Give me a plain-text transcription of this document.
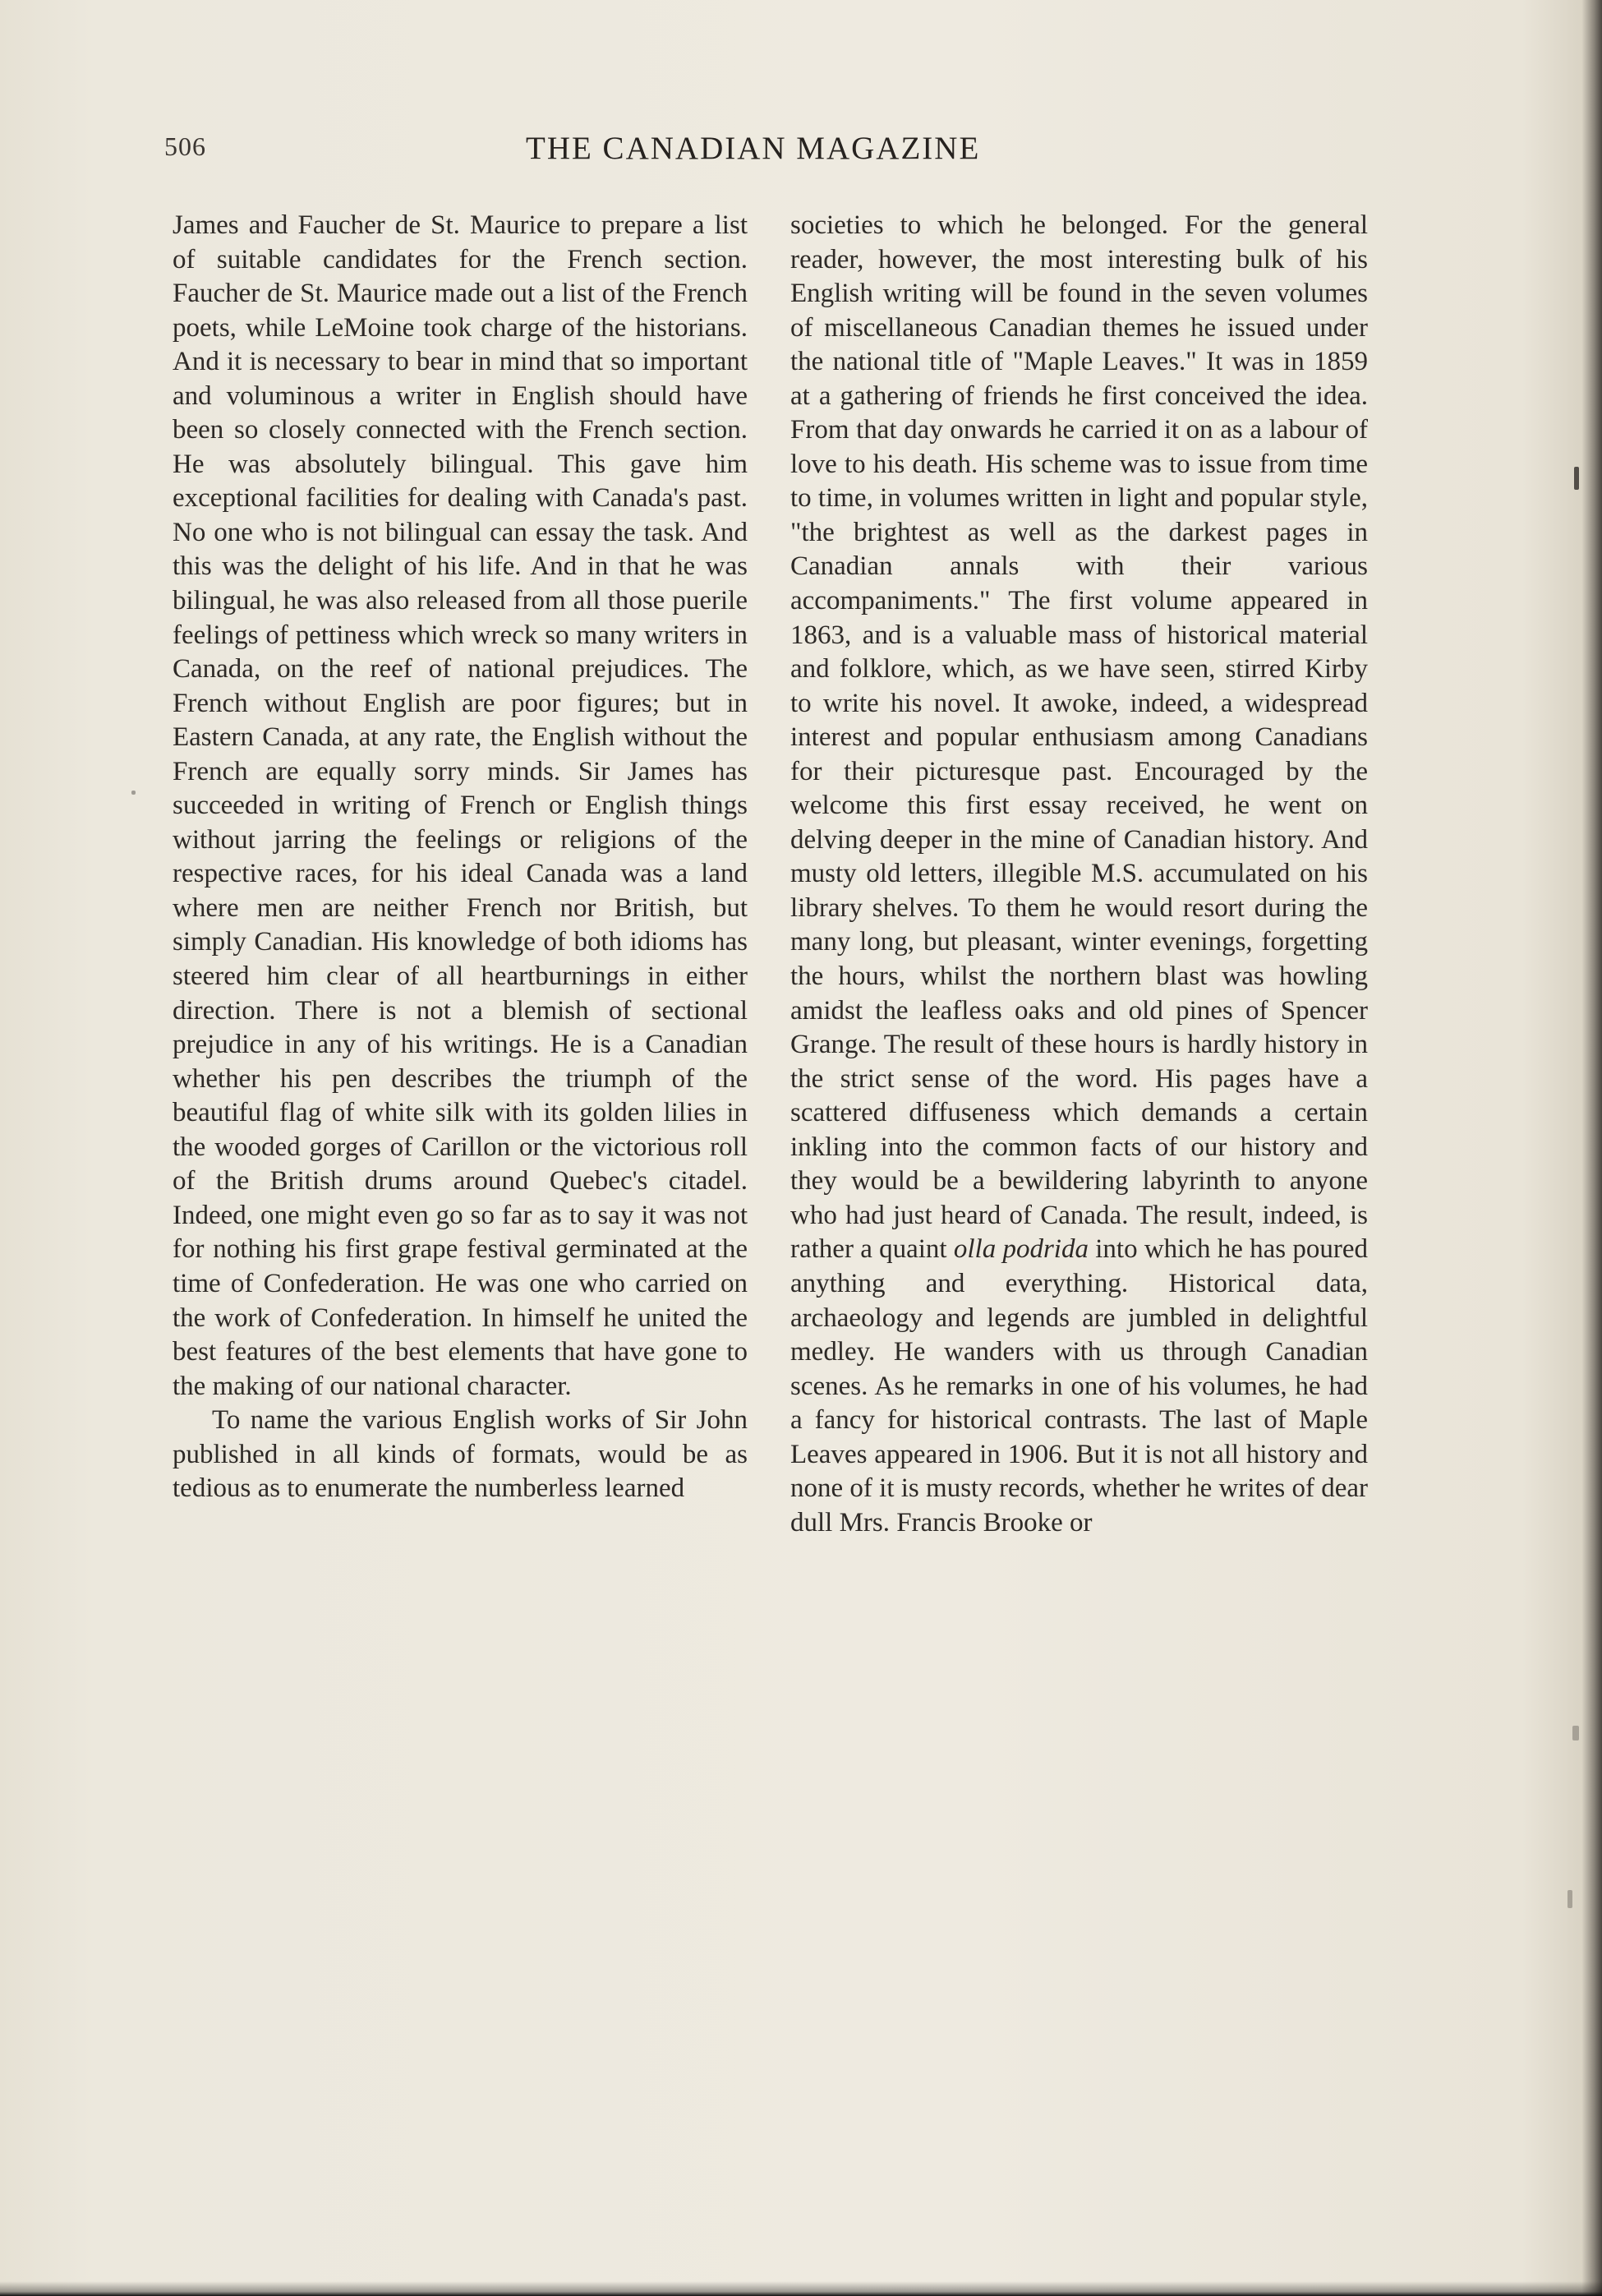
506	THE CANADIAN MAGAZINE

James and Faucher de St. Maurice to prepare a list of suitable candidates for the French section. Faucher de St. Maurice made out a list of the French poets, while LeMoine took charge of the historians. And it is necessary to bear in mind that so important and voluminous a writer in English should have been so closely connected with the French section. He was absolutely bilingual. This gave him exceptional facilities for dealing with Canada's past. No one who is not bilingual can essay the task. And this was the delight of his life. And in that he was bilingual, he was also released from all those puerile feelings of pettiness which wreck so many writers in Canada, on the reef of national prejudices. The French without English are poor figures; but in Eastern Canada, at any rate, the English without the French are equally sorry minds. Sir James has succeeded in writing of French or English things without jarring the feelings or religions of the respective races, for his ideal Canada was a land where men are neither French nor British, but simply Canadian. His knowledge of both idioms has steered him clear of all heartburnings in either direction. There is not a blemish of sectional prejudice in any of his writings. He is a Canadian whether his pen describes the triumph of the beautiful flag of white silk with its golden lilies in the wooded gorges of Carillon or the victorious roll of the British drums around Quebec's citadel. Indeed, one might even go so far as to say it was not for nothing his first grape festival germinated at the time of Confederation. He was one who carried on the work of Confederation. In himself he united the best features of the best elements that have gone to the making of our national character.

To name the various English works of Sir John published in all kinds of formats, would be as tedious as to enumerate the numberless learned

societies to which he belonged. For the general reader, however, the most interesting bulk of his English writing will be found in the seven volumes of miscellaneous Canadian themes he issued under the national title of "Maple Leaves." It was in 1859 at a gathering of friends he first conceived the idea. From that day onwards he carried it on as a labour of love to his death. His scheme was to issue from time to time, in volumes written in light and popular style, "the brightest as well as the darkest pages in Canadian annals with their various accompaniments." The first volume appeared in 1863, and is a valuable mass of historical material and folklore, which, as we have seen, stirred Kirby to write his novel. It awoke, indeed, a widespread interest and popular enthusiasm among Canadians for their picturesque past. Encouraged by the welcome this first essay received, he went on delving deeper in the mine of Canadian history. And musty old letters, illegible M.S. accumulated on his library shelves. To them he would resort during the many long, but pleasant, winter evenings, forgetting the hours, whilst the northern blast was howling amidst the leafless oaks and old pines of Spencer Grange. The result of these hours is hardly history in the strict sense of the word. His pages have a scattered diffuseness which demands a certain inkling into the common facts of our history and they would be a bewildering labyrinth to anyone who had just heard of Canada. The result, indeed, is rather a quaint olla podrida into which he has poured anything and everything. Historical data, archaeology and legends are jumbled in delightful medley. He wanders with us through Canadian scenes. As he remarks in one of his volumes, he had a fancy for historical contrasts. The last of Maple Leaves appeared in 1906. But it is not all history and none of it is musty records, whether he writes of dear dull Mrs. Francis Brooke or
